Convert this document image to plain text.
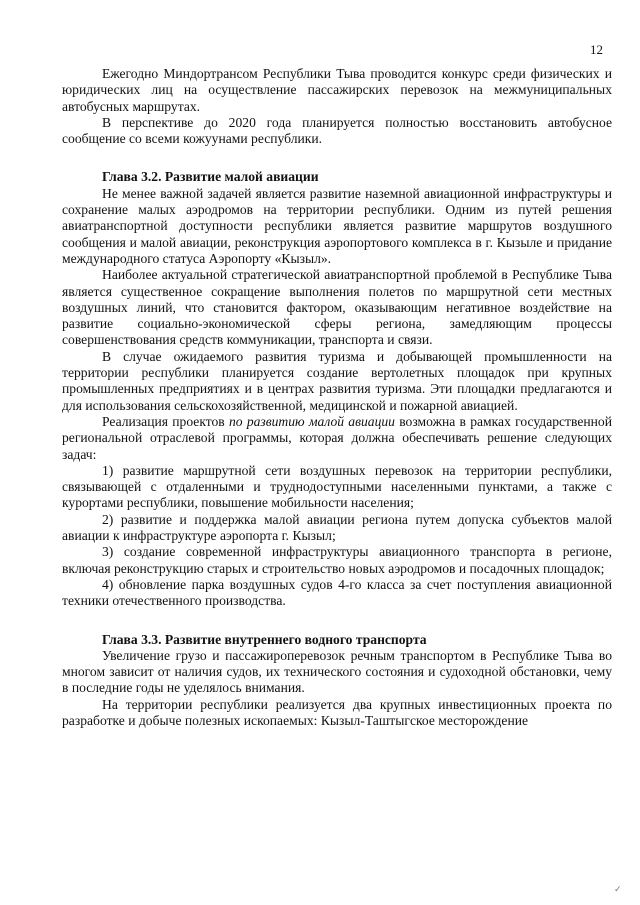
12

Ежегодно Миндортрансом Республики Тыва проводится конкурс среди физических и юридических лиц на осуществление пассажирских перевозок на межмуниципальных автобусных маршрутах.

В перспективе до 2020 года планируется полностью восстановить автобусное сообщение со всеми кожуунами республики.

Глава 3.2. Развитие малой авиации

Не менее важной задачей является развитие наземной авиационной инфраструктуры и сохранение малых аэродромов на территории республики. Одним из путей решения авиатранспортной доступности республики является развитие маршрутов воздушного сообщения и малой авиации, реконструкция аэропортового комплекса в г. Кызыле и придание международного статуса Аэропорту «Кызыл».

Наиболее актуальной стратегической авиатранспортной проблемой в Республике Тыва является существенное сокращение выполнения полетов по маршрутной сети местных воздушных линий, что становится фактором, оказывающим негативное воздействие на развитие социально-экономической сферы региона, замедляющим процессы совершенствования средств коммуникации, транспорта и связи.

В случае ожидаемого развития туризма и добывающей промышленности на территории республики планируется создание вертолетных площадок при крупных промышленных предприятиях и в центрах развития туризма. Эти площадки предлагаются и для использования сельскохозяйственной, медицинской и пожарной авиацией.

Реализация проектов по развитию малой авиации возможна в рамках государственной региональной отраслевой программы, которая должна обеспечивать решение следующих задач:

1) развитие маршрутной сети воздушных перевозок на территории республики, связывающей с отдаленными и труднодоступными населенными пунктами, а также с курортами республики, повышение мобильности населения;

2) развитие и поддержка малой авиации региона путем допуска субъектов малой авиации к инфраструктуре аэропорта г. Кызыл;

3) создание современной инфраструктуры авиационного транспорта в регионе, включая реконструкцию старых и строительство новых аэродромов и посадочных площадок;

4) обновление парка воздушных судов 4-го класса за счет поступления авиационной техники отечественного производства.

Глава 3.3. Развитие внутреннего водного транспорта

Увеличение грузо и пассажироперевозок речным транспортом в Республике Тыва во многом зависит от наличия судов, их технического состояния и судоходной обстановки, чему в последние годы не уделялось внимания.

На территории республики реализуется два крупных инвестиционных проекта по разработке и добыче полезных ископаемых: Кызыл-Таштыгское месторождение

✓
